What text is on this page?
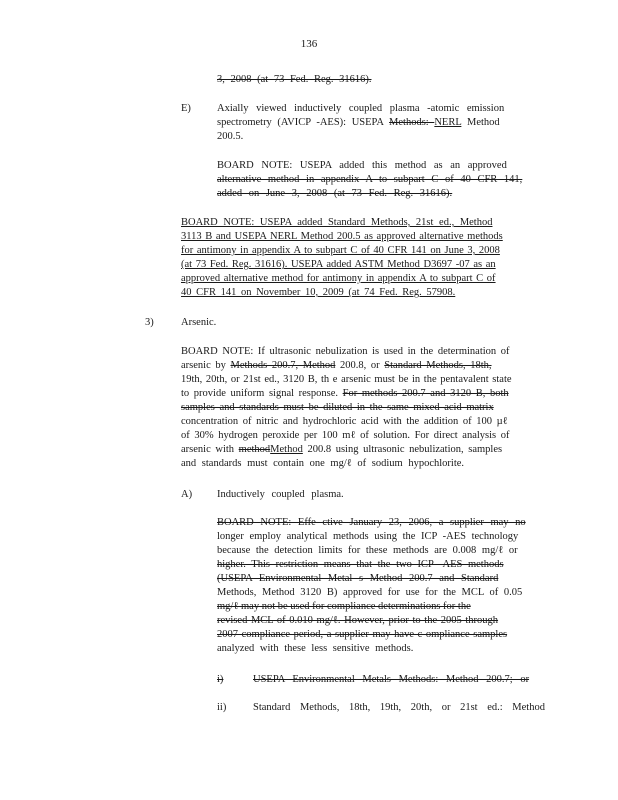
136
3, 2008 (at 73 Fed. Reg. 31616).
E) Axially viewed inductively coupled plasma -atomic emission
spectrometry (AVICP -AES): USEPA Methods: NERL Method
200.5.
BOARD NOTE: USEPA added this method as an approved
alternative method in appendix A to subpart C of 40 CFR 141,
added on June 3, 2008 (at 73 Fed. Reg. 31616).
BOARD NOTE: USEPA added Standard Methods, 21st ed., Method
3113 B and USEPA NERL Method 200.5 as approved alternative methods
for antimony in appendix A to subpart C of 40 CFR 141 on June 3, 2008
(at 73 Fed. Reg. 31616). USEPA added ASTM Method D3697 -07 as an
approved alternative method for antimony in appendix A to subpart C of
40 CFR 141 on November 10, 2009 (at 74 Fed. Reg. 57908.
3)	Arsenic.
BOARD NOTE: If ultrasonic nebulization is used in the determination of
arsenic by Methods 200.7, Method 200.8, or Standard Methods, 18th,
19th, 20th, or 21st ed., 3120 B, th e arsenic must be in the pentavalent state
to provide uniform signal response. For methods 200.7 and 3120 B, both
samples and standards must be diluted in the same mixed acid matrix
concentration of nitric and hydrochloric acid with the addition of 100 µℓ
of 30% hydrogen peroxide per 100 mℓ of solution. For direct analysis of
arsenic with methodMethod 200.8 using ultrasonic nebulization, samples
and standards must contain one mg/ℓ of sodium hypochlorite.
A) Inductively coupled plasma.
BOARD NOTE: Effe ctive January 23, 2006, a supplier may no
longer employ analytical methods using the ICP -AES technology
because the detection limits for these methods are 0.008 mg/ℓ or
higher. This restriction means that the two ICP -AES methods
(USEPA Environmental Metal s Method 200.7 and Standard
Methods, Method 3120 B) approved for use for the MCL of 0.05
mg/ℓ may not be used for compliance determinations for the
revised MCL of 0.010 mg/ℓ. However, prior to the 2005 through
2007 compliance period, a supplier may have c ompliance samples
analyzed with these less sensitive methods.
i)	USEPA Environmental Metals Methods: Method 200.7; or
ii)	Standard Methods, 18th, 19th, 20th, or 21st ed.: Method
